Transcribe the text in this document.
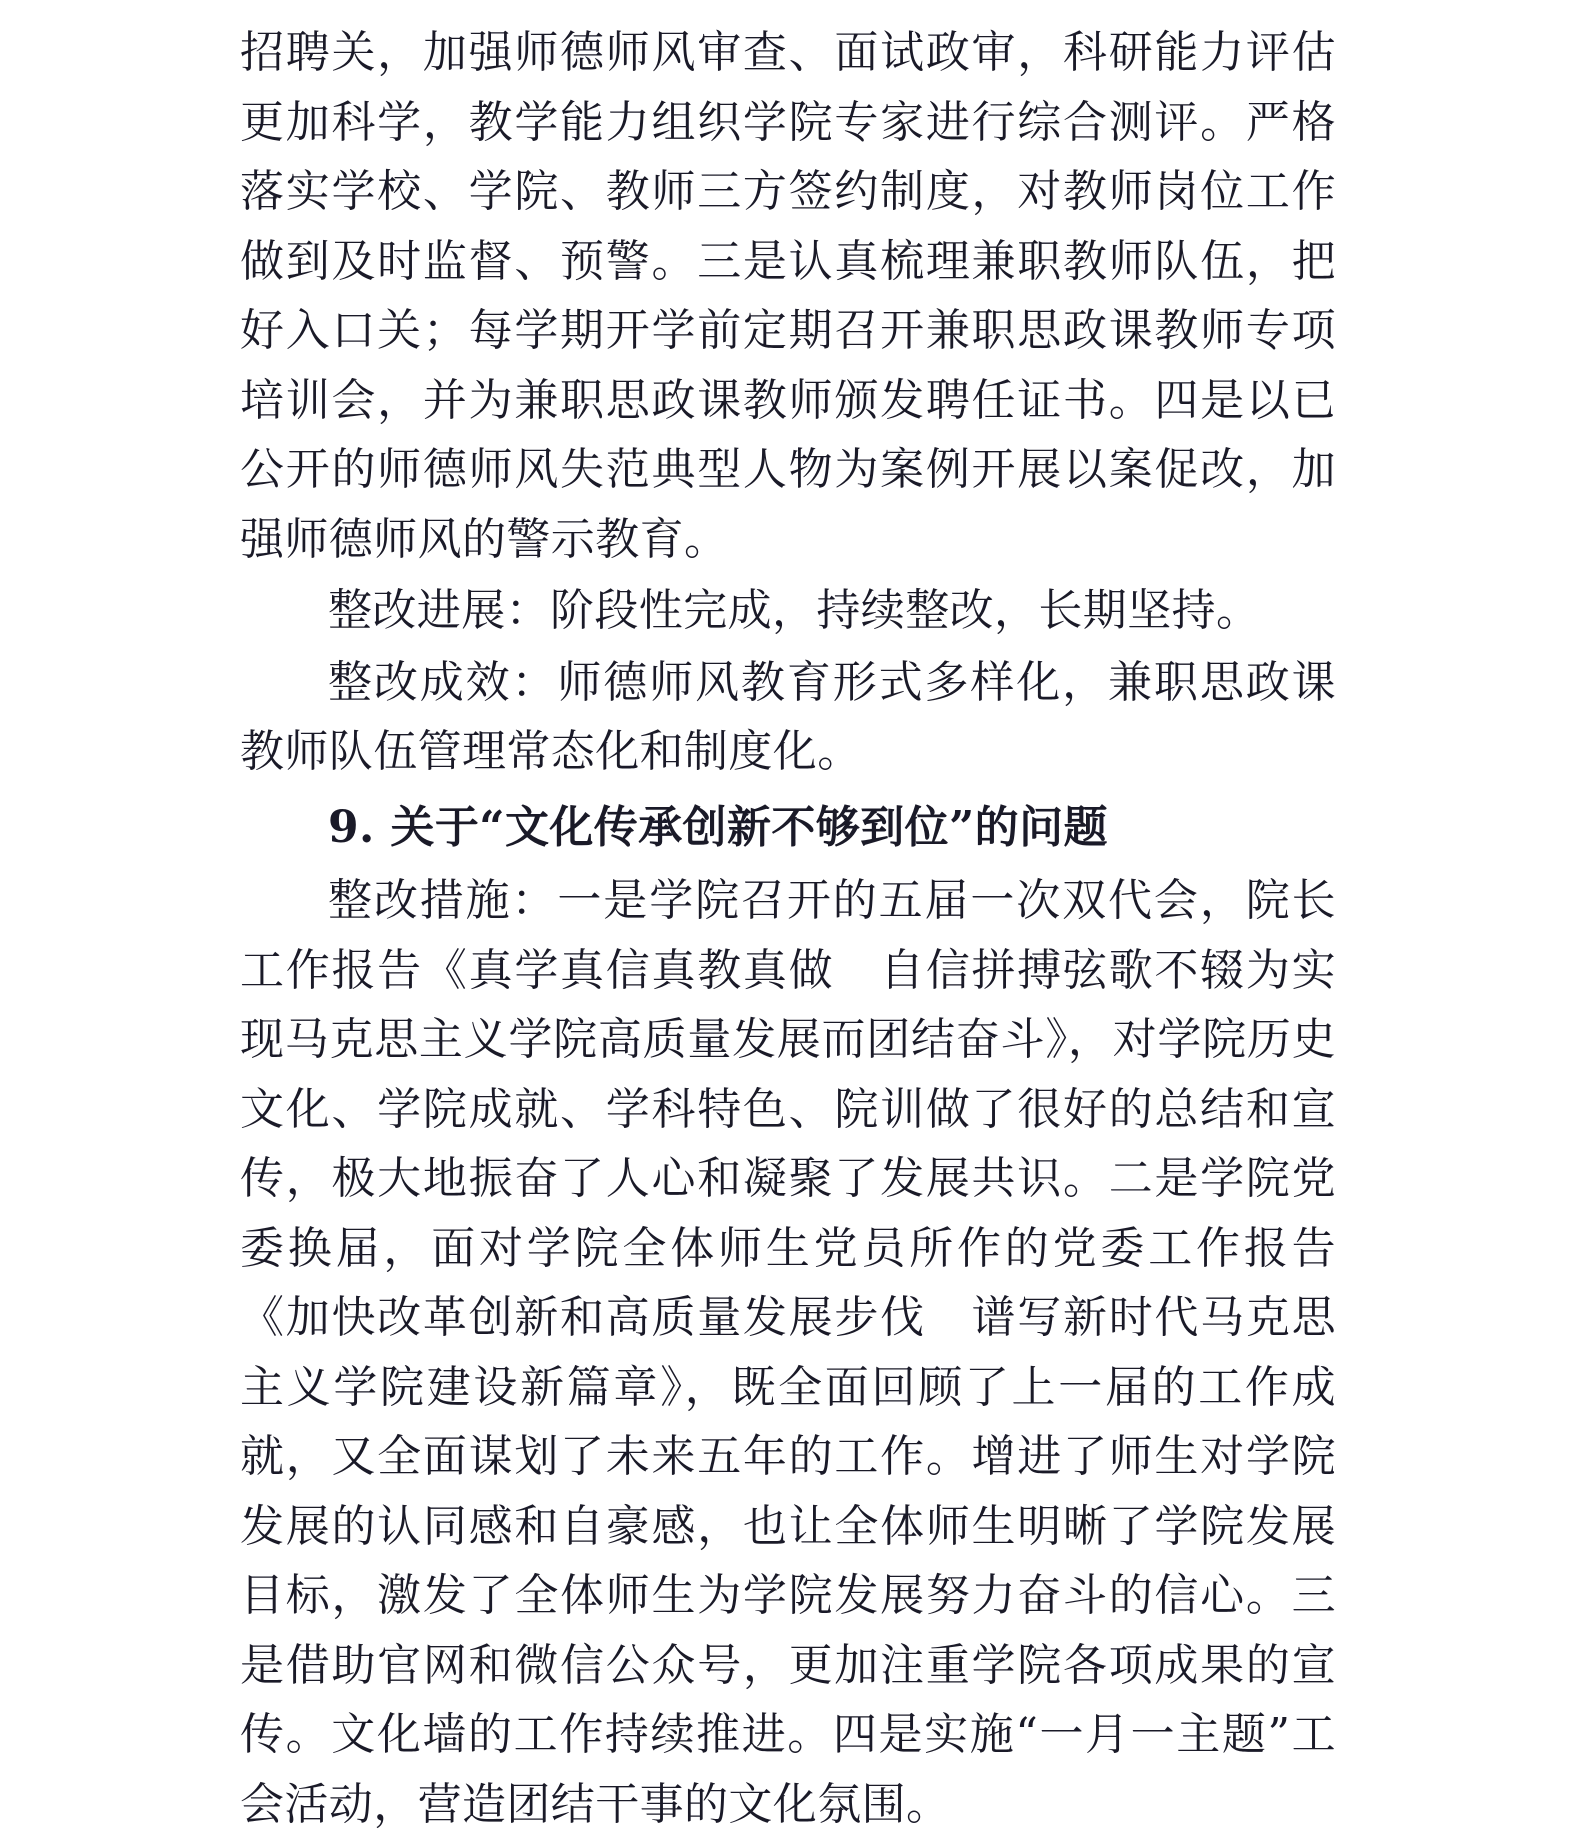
招聘关，加强师德师风审查、面试政审，科研能力评估更加科学，教学能力组织学院专家进行综合测评。严格落实学校、学院、教师三方签约制度，对教师岗位工作做到及时监督、预警。三是认真梳理兼职教师队伍，把好入口关；每学期开学前定期召开兼职思政课教师专项培训会，并为兼职思政课教师颁发聘任证书。四是以已公开的师德师风失范典型人物为案例开展以案促改，加强师德师风的警示教育。

整改进展：阶段性完成，持续整改，长期坚持。

整改成效：师德师风教育形式多样化，兼职思政课教师队伍管理常态化和制度化。

9. 关于“文化传承创新不够到位”的问题

整改措施：一是学院召开的五届一次双代会，院长工作报告《真学真信真教真做　自信拼搏弦歌不辍为实现马克思主义学院高质量发展而团结奋斗》，对学院历史文化、学院成就、学科特色、院训做了很好的总结和宣传，极大地振奋了人心和凝聚了发展共识。二是学院党委换届，面对学院全体师生党员所作的党委工作报告《加快改革创新和高质量发展步伐　谱写新时代马克思主义学院建设新篇章》，既全面回顾了上一届的工作成就，又全面谋划了未来五年的工作。增进了师生对学院发展的认同感和自豪感，也让全体师生明晰了学院发展目标，激发了全体师生为学院发展努力奋斗的信心。三是借助官网和微信公众号，更加注重学院各项成果的宣传。文化墙的工作持续推进。四是实施“一月一主题”工会活动，营造团结干事的文化氛围。
